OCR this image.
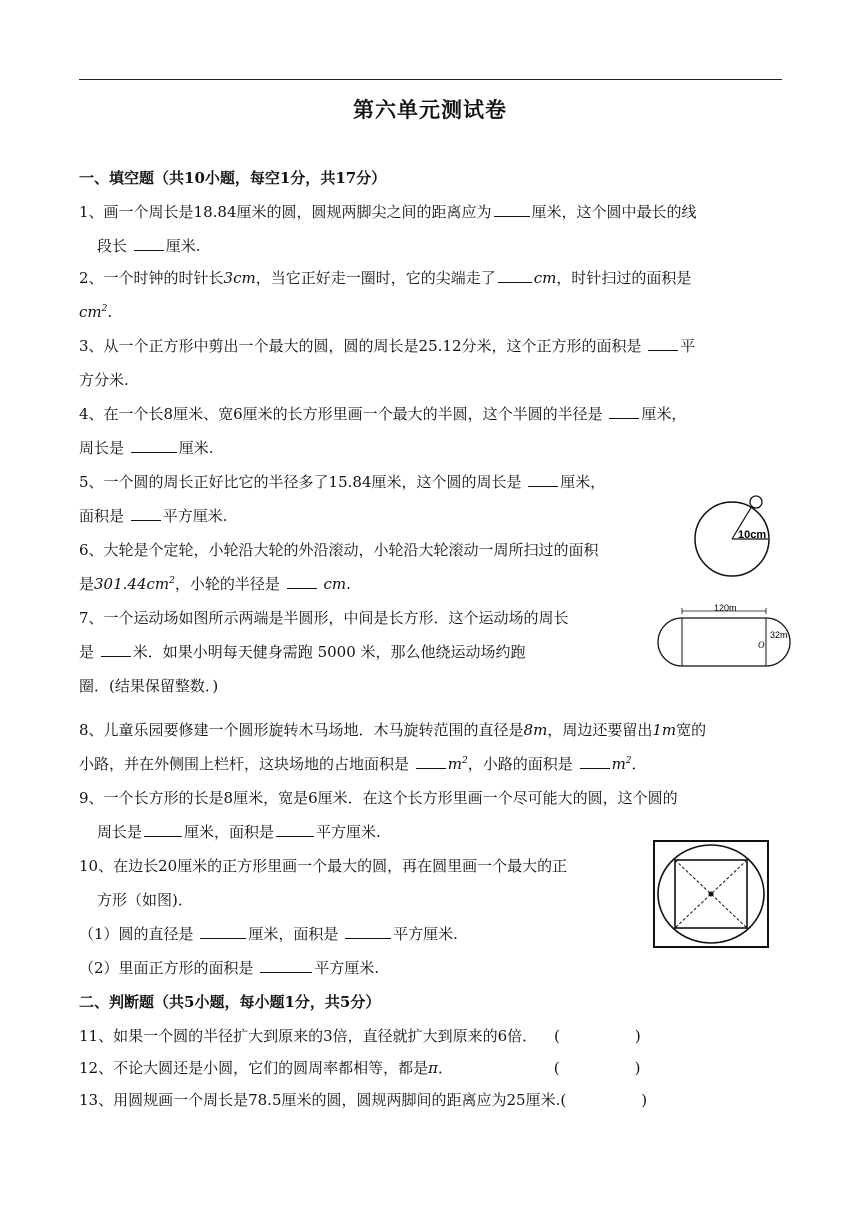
第六单元测试卷
一、填空题（共10小题，每空1分，共17分）
1、画一个周长是18.84厘米的圆，圆规两脚尖之间的距离应为	厘米，这个圆中最长的线
段长	厘米.
2、一个时钟的时针长3cm，当它正好走一圈时，它的尖端走了	cm，时针扫过的面积是
$cm^2$.
3、从一个正方形中剪出一个最大的圆，圆的周长是25.12分米，这个正方形的面积是	平
方分米.
4、在一个长8厘米、宽6厘米的长方形里画一个最大的半圆，这个半圆的半径是	厘米，
周长是	厘米.
5、一个圆的周长正好比它的半径多了15.84厘米，这个圆的周长是	厘米，
面积是	平方厘米.
6、大轮是个定轮，小轮沿大轮的外沿滚动，小轮沿大轮滚动一周所扫过的面积
是$301.44cm^2$，小轮的半径是	cm.
10cm
7、一个运动场如图所示两端是半圆形，中间是长方形．这个运动场的周长
是	米．如果小明每天健身需跑 5000 米，那么他绕运动场约跑
圈．(结果保留整数．)
120m
32m
O
8、儿童乐园要修建一个圆形旋转木马场地．木马旋转范围的直径是8m，周边还要留出1m宽的
小路，并在外侧围上栏杆，这块场地的占地面积是	$m^2$，小路的面积是	$m^2$．
9、一个长方形的长是8厘米，宽是6厘米．在这个长方形里画一个尽可能大的圆，这个圆的
周长是	厘米，面积是	平方厘米.
10、在边长20厘米的正方形里画一个最大的圆，再在圆里画一个最大的正
方形（如图)．
（1）圆的直径是	厘米，面积是	平方厘米.
（2）里面正方形的面积是	平方厘米.
二、判断题（共5小题，每小题1分，共5分）
11、如果一个圆的半径扩大到原来的3倍，直径就扩大到原来的6倍． (　　　　　)
12、不论大圆还是小圆，它们的圆周率都相等，都是π．	(　　　　　)
13、用圆规画一个周长是78.5厘米的圆，圆规两脚间的距离应为25厘米.(　　　　　)
